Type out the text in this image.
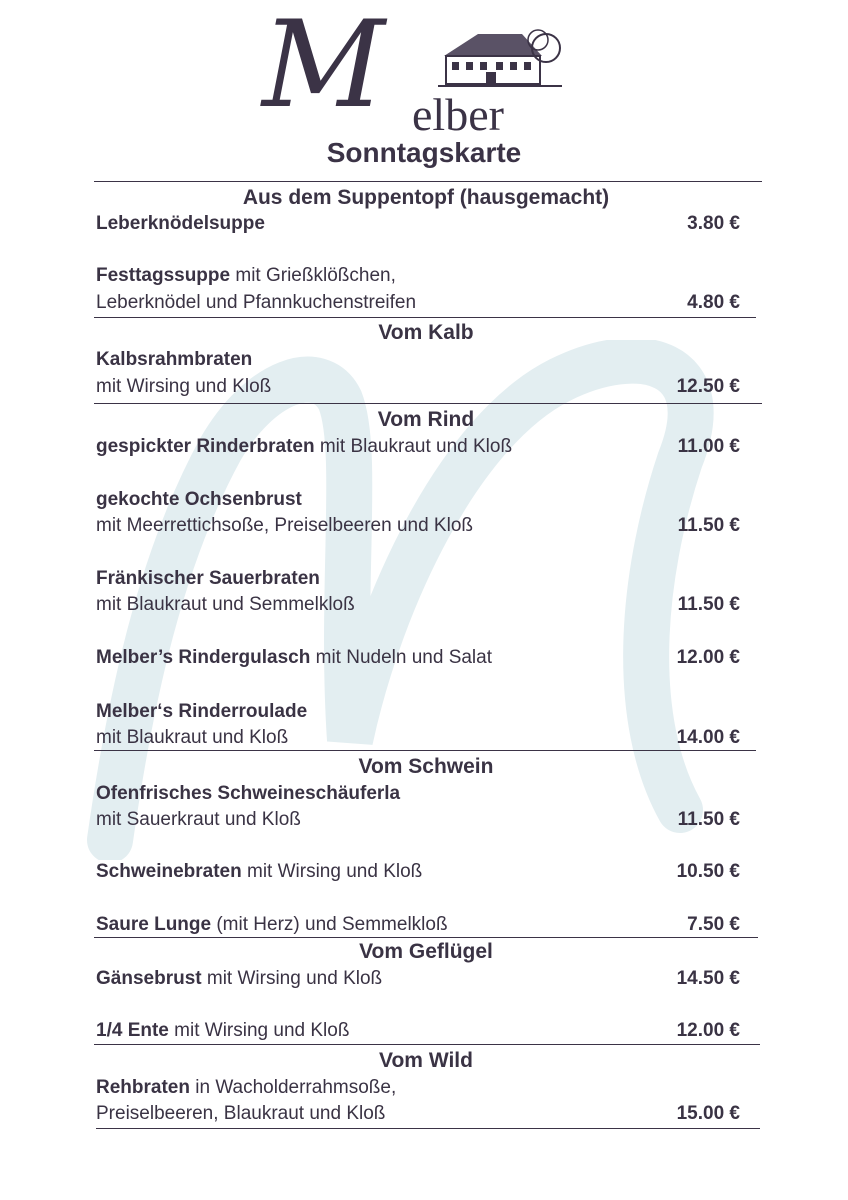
M elber
Sonntagskarte
Aus dem Suppentopf (hausgemacht)
Leberknödelsuppe	3.80 €
Festtagssuppe mit Grießklößchen,
Leberknödel und Pfannkuchenstreifen	4.80 €
Vom Kalb
Kalbsrahmbraten
mit Wirsing und Kloß	12.50 €
Vom Rind
gespickter Rinderbraten mit Blaukraut und Kloß	11.00 €
gekochte Ochsenbrust
mit Meerrettichsoße, Preiselbeeren und Kloß	11.50 €
Fränkischer Sauerbraten
mit Blaukraut und Semmelkloß	11.50 €
Melber’s Rindergulasch mit Nudeln und Salat	12.00 €
Melber‘s Rinderroulade
mit Blaukraut und Kloß	14.00 €
Vom Schwein
Ofenfrisches Schweineschäuferla
mit Sauerkraut und Kloß	11.50 €
Schweinebraten mit Wirsing und Kloß	10.50 €
Saure Lunge (mit Herz) und Semmelkloß	7.50 €
Vom Geflügel
Gänsebrust mit Wirsing und Kloß	14.50 €
1/4 Ente mit Wirsing und Kloß	12.00 €
Vom Wild
Rehbraten in Wacholderrahmsoße,
Preiselbeeren, Blaukraut und Kloß	15.00 €
